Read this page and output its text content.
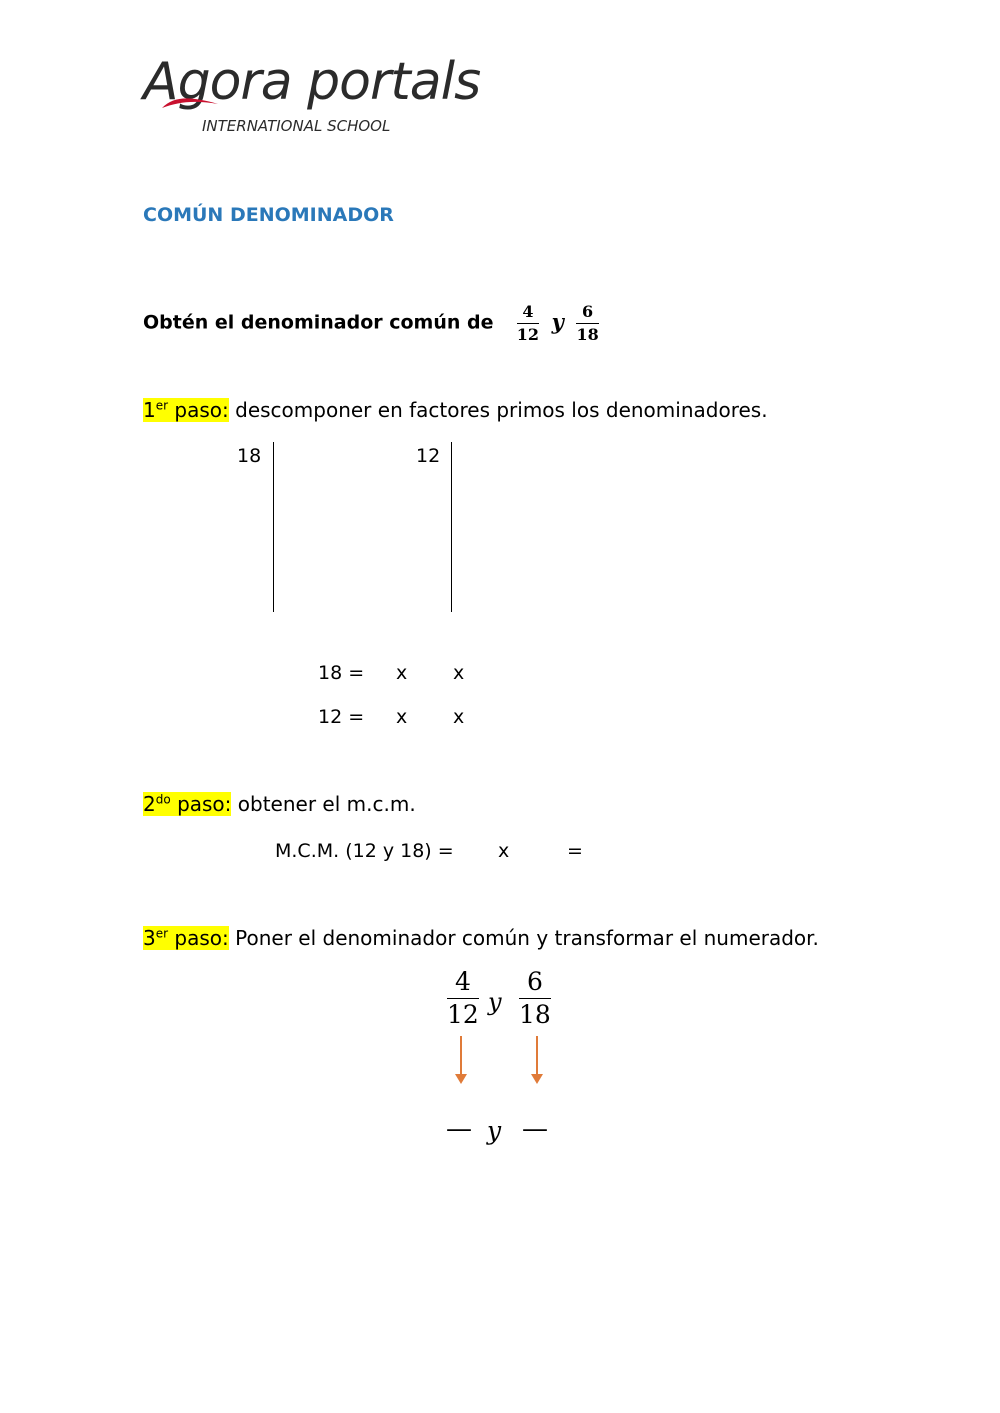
Agora portals
INTERNATIONAL SCHOOL
COMÚN DENOMINADOR
Obtén el denominador común de $\frac{4}{12}$ y $\frac{6}{18}$
1er paso: descomponer en factores primos los denominadores.
18	12
18 = x x
12 = x x
$2^{do}$ paso: obtener el m.c.m.
M.C.M. (12 y 18) = x	=
3er paso: Poner el denominador común y transformar el numerador.
4
12 y
6
18
— y —
